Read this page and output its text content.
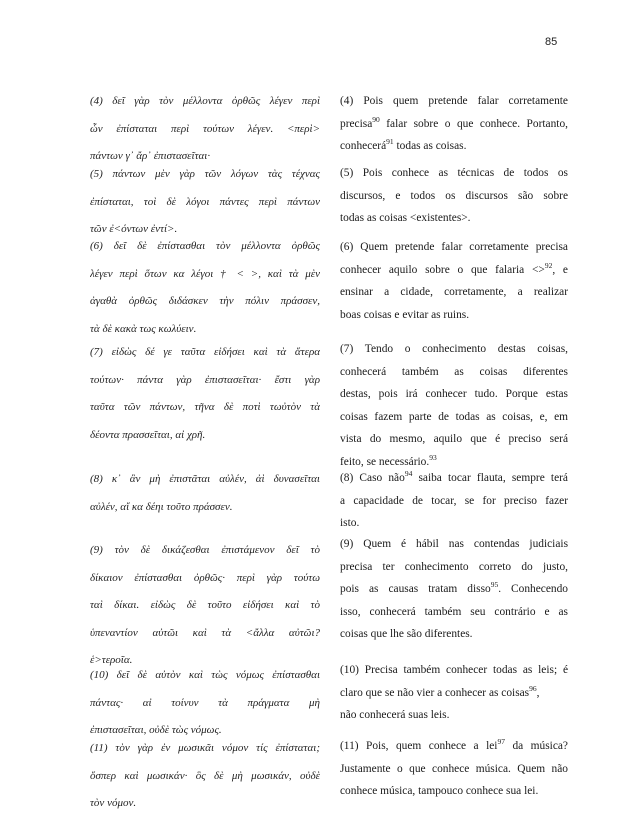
85
(4) δεῖ γὰρ τὸν μέλλοντα ὀρθῶς λέγεν περὶ
ὧν ἐπίσταται περὶ τούτων λέγεν. <περὶ>
πάντων γ᾿ ἄρ᾿ ἐπιστασεῖται·
(5) πάντων μὲν γὰρ τῶν λόγων τὰς τέχνας
ἐπίσταται, τοὶ δὲ λόγοι πάντες περὶ πάντων
τῶν ἐ<όντων ἐντί>.
(6) δεῖ δὲ ἐπίστασθαι τὸν μέλλοντα ὀρθῶς
λέγεν περὶ ὅτων κα λέγοι † < >, καὶ τὰ μὲν
ἀγαθὰ ὀρθῶς διδάσκεν τὴν πόλιν πράσσεν,
τὰ δὲ κακὰ τως κωλύειν.
(7) εἰδὼς δέ γε ταῦτα εἰδήσει καὶ τὰ ἅτερα
τούτων· πάντα γὰρ ἐπιστασεῖται· ἔστι γὰρ
ταῦτα τῶν πάντων, τῆνα δὲ ποτὶ τωὐτὸν τὰ
δέοντα πρασσεῖται, αἰ χρῆ.
(8) κ᾿ ἂν μὴ ἐπιστᾶται αὐλέν, ἀὶ δυνασεῖται
αὐλέν, αἴ κα δέηι τοῦτο πράσσεν.
(9) τὸν δὲ δικάζεσθαι ἐπιστάμενον δεῖ τὸ
δίκαιον ἐπίστασθαι ὀρθῶς· περὶ γὰρ τούτω
ταὶ δίκαι. εἰδὼς δὲ τοῦτο εἰδήσει καὶ τὸ
ὑπεναντίον αὐτῶι καὶ τὰ <ἄλλα αὐτῶι?
ἑ>τεροῖα.
(10) δεῖ δὲ αὐτὸν καὶ τὼς νόμως ἐπίστασθαι
πάντας· αἰ τοίνυν τὰ πράγματα μὴ
ἐπιστασεῖται, οὐδὲ τὼς νόμως.
(11) τὸν γὰρ ἐν μωσικᾶι νόμον τίς ἐπίσταται;
ὅσπερ καὶ μωσικάν· ὃς δὲ μὴ μωσικάν, οὐδὲ
τὸν νόμον.
(4) Pois quem pretende falar corretamente
precisa$^{90}$ falar sobre o que conhece. Portanto,
conhecerá$^{91}$ todas as coisas.
(5) Pois conhece as técnicas de todos os
discursos, e todos os discursos são sobre
todas as coisas <existentes>.
(6) Quem pretende falar corretamente precisa
conhecer aquilo sobre o que falaria <>$^{92}$, e
ensinar a cidade, corretamente, a realizar
boas coisas e evitar as ruins.
(7) Tendo o conhecimento destas coisas,
conhecerá também as coisas diferentes
destas, pois irá conhecer tudo. Porque estas
coisas fazem parte de todas as coisas, e, em
vista do mesmo, aquilo que é preciso será
feito, se necessário.$^{93}$
(8) Caso não$^{94}$ saiba tocar flauta, sempre terá
a capacidade de tocar, se for preciso fazer
isto.
(9) Quem é hábil nas contendas judiciais
precisa ter conhecimento correto do justo,
pois as causas tratam disso$^{95}$. Conhecendo
isso, conhecerá também seu contrário e as
coisas que lhe são diferentes.
(10) Precisa também conhecer todas as leis; é
claro que se não vier a conhecer as coisas$^{96}$,
não conhecerá suas leis.
(11) Pois, quem conhece a lei$^{97}$ da música?
Justamente o que conhece música. Quem não
conhece música, tampouco conhece sua lei.
